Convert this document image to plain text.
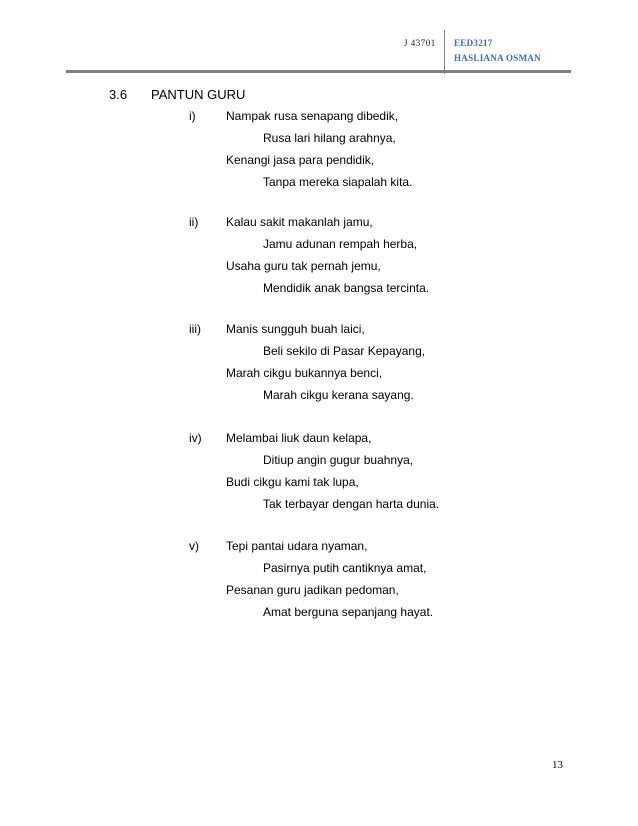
J 43701 EED3217
HASLIANA OSMAN
3.6 PANTUN GURU
i)	Nampak rusa senapang dibedik,
Rusa lari hilang arahnya,
Kenangi jasa para pendidik,
Tanpa mereka siapalah kita.
ii) Kalau sakit makanlah jamu,
Jamu adunan rempah herba,
Usaha guru tak pernah jemu,
Mendidik anak bangsa tercinta.
iii) Manis sungguh buah laici,
Beli sekilo di Pasar Kepayang,
Marah cikgu bukannya benci,
Marah cikgu kerana sayang.
iv) Melambai liuk daun kelapa,
Ditiup angin gugur buahnya,
Budi cikgu kami tak lupa,
Tak terbayar dengan harta dunia.
v) Tepi pantai udara nyaman,
Pasirnya putih cantiknya amat,
Pesanan guru jadikan pedoman,
Amat berguna sepanjang hayat.
13
